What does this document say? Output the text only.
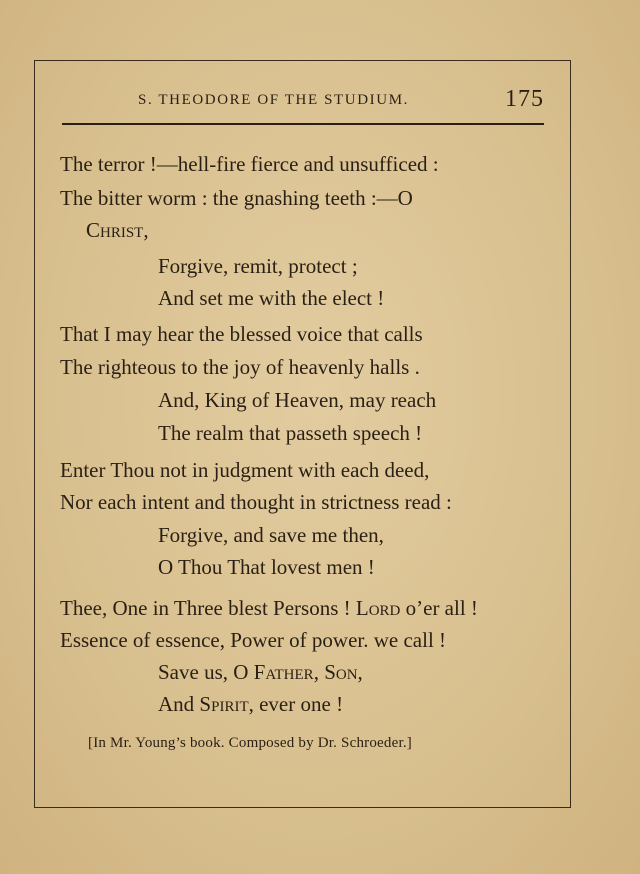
S. THEODORE OF THE STUDIUM.	175
The terror !—hell-fire fierce and unsufficed :
The bitter worm : the gnashing teeth :—O
Christ,
Forgive, remit, protect ;
And set me with the elect !
That I may hear the blessed voice that calls
The righteous to the joy of heavenly halls .
And, King of Heaven, may reach
The realm that passeth speech !
Enter Thou not in judgment with each deed,
Nor each intent and thought in strictness read :
Forgive, and save me then,
O Thou That lovest men !
Thee, One in Three blest Persons ! Lord o’er all !
Essence of essence, Power of power. we call !
Save us, O Father, Son,
And Spirit, ever one !
[In Mr. Young’s book. Composed by Dr. Schroeder.]
